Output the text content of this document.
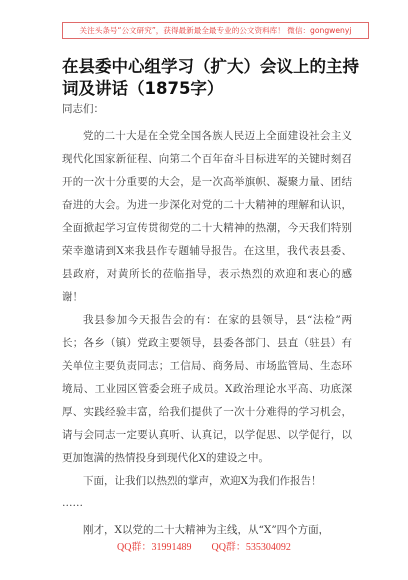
关注头条号“公文研究”，获得最新最全最专业的公文资料库！ 微信：gongwenyj
在县委中心组学习（扩大）会议上的主持词及讲话（1875字）
同志们：

党的二十大是在全党全国各族人民迈上全面建设社会主义现代化国家新征程、向第二个百年奋斗目标进军的关键时刻召开的一次十分重要的大会，是一次高举旗帜、凝聚力量、团结奋进的大会。为进一步深化对党的二十大精神的理解和认识，全面掀起学习宣传贯彻党的二十大精神的热潮，今天我们特别荣幸邀请到X来我县作专题辅导报告。在这里，我代表县委、县政府，对黄所长的莅临指导，表示热烈的欢迎和衷心的感谢！

我县参加今天报告会的有：在家的县领导，县“法检”两长；各乡（镇）党政主要领导，县委各部门、县直（驻县）有关单位主要负责同志；工信局、商务局、市场监管局、生态环境局、工业园区管委会班子成员。X政治理论水平高、功底深厚、实践经验丰富，给我们提供了一次十分难得的学习机会，请与会同志一定要认真听、认真记，以学促思、以学促行，以更加饱满的热情投身到现代化X的建设之中。

下面，让我们以热烈的掌声，欢迎X为我们作报告！

……

刚才，X以党的二十大精神为主线，从“X”四个方面，

QQ群：31991489        QQ群：535304092
